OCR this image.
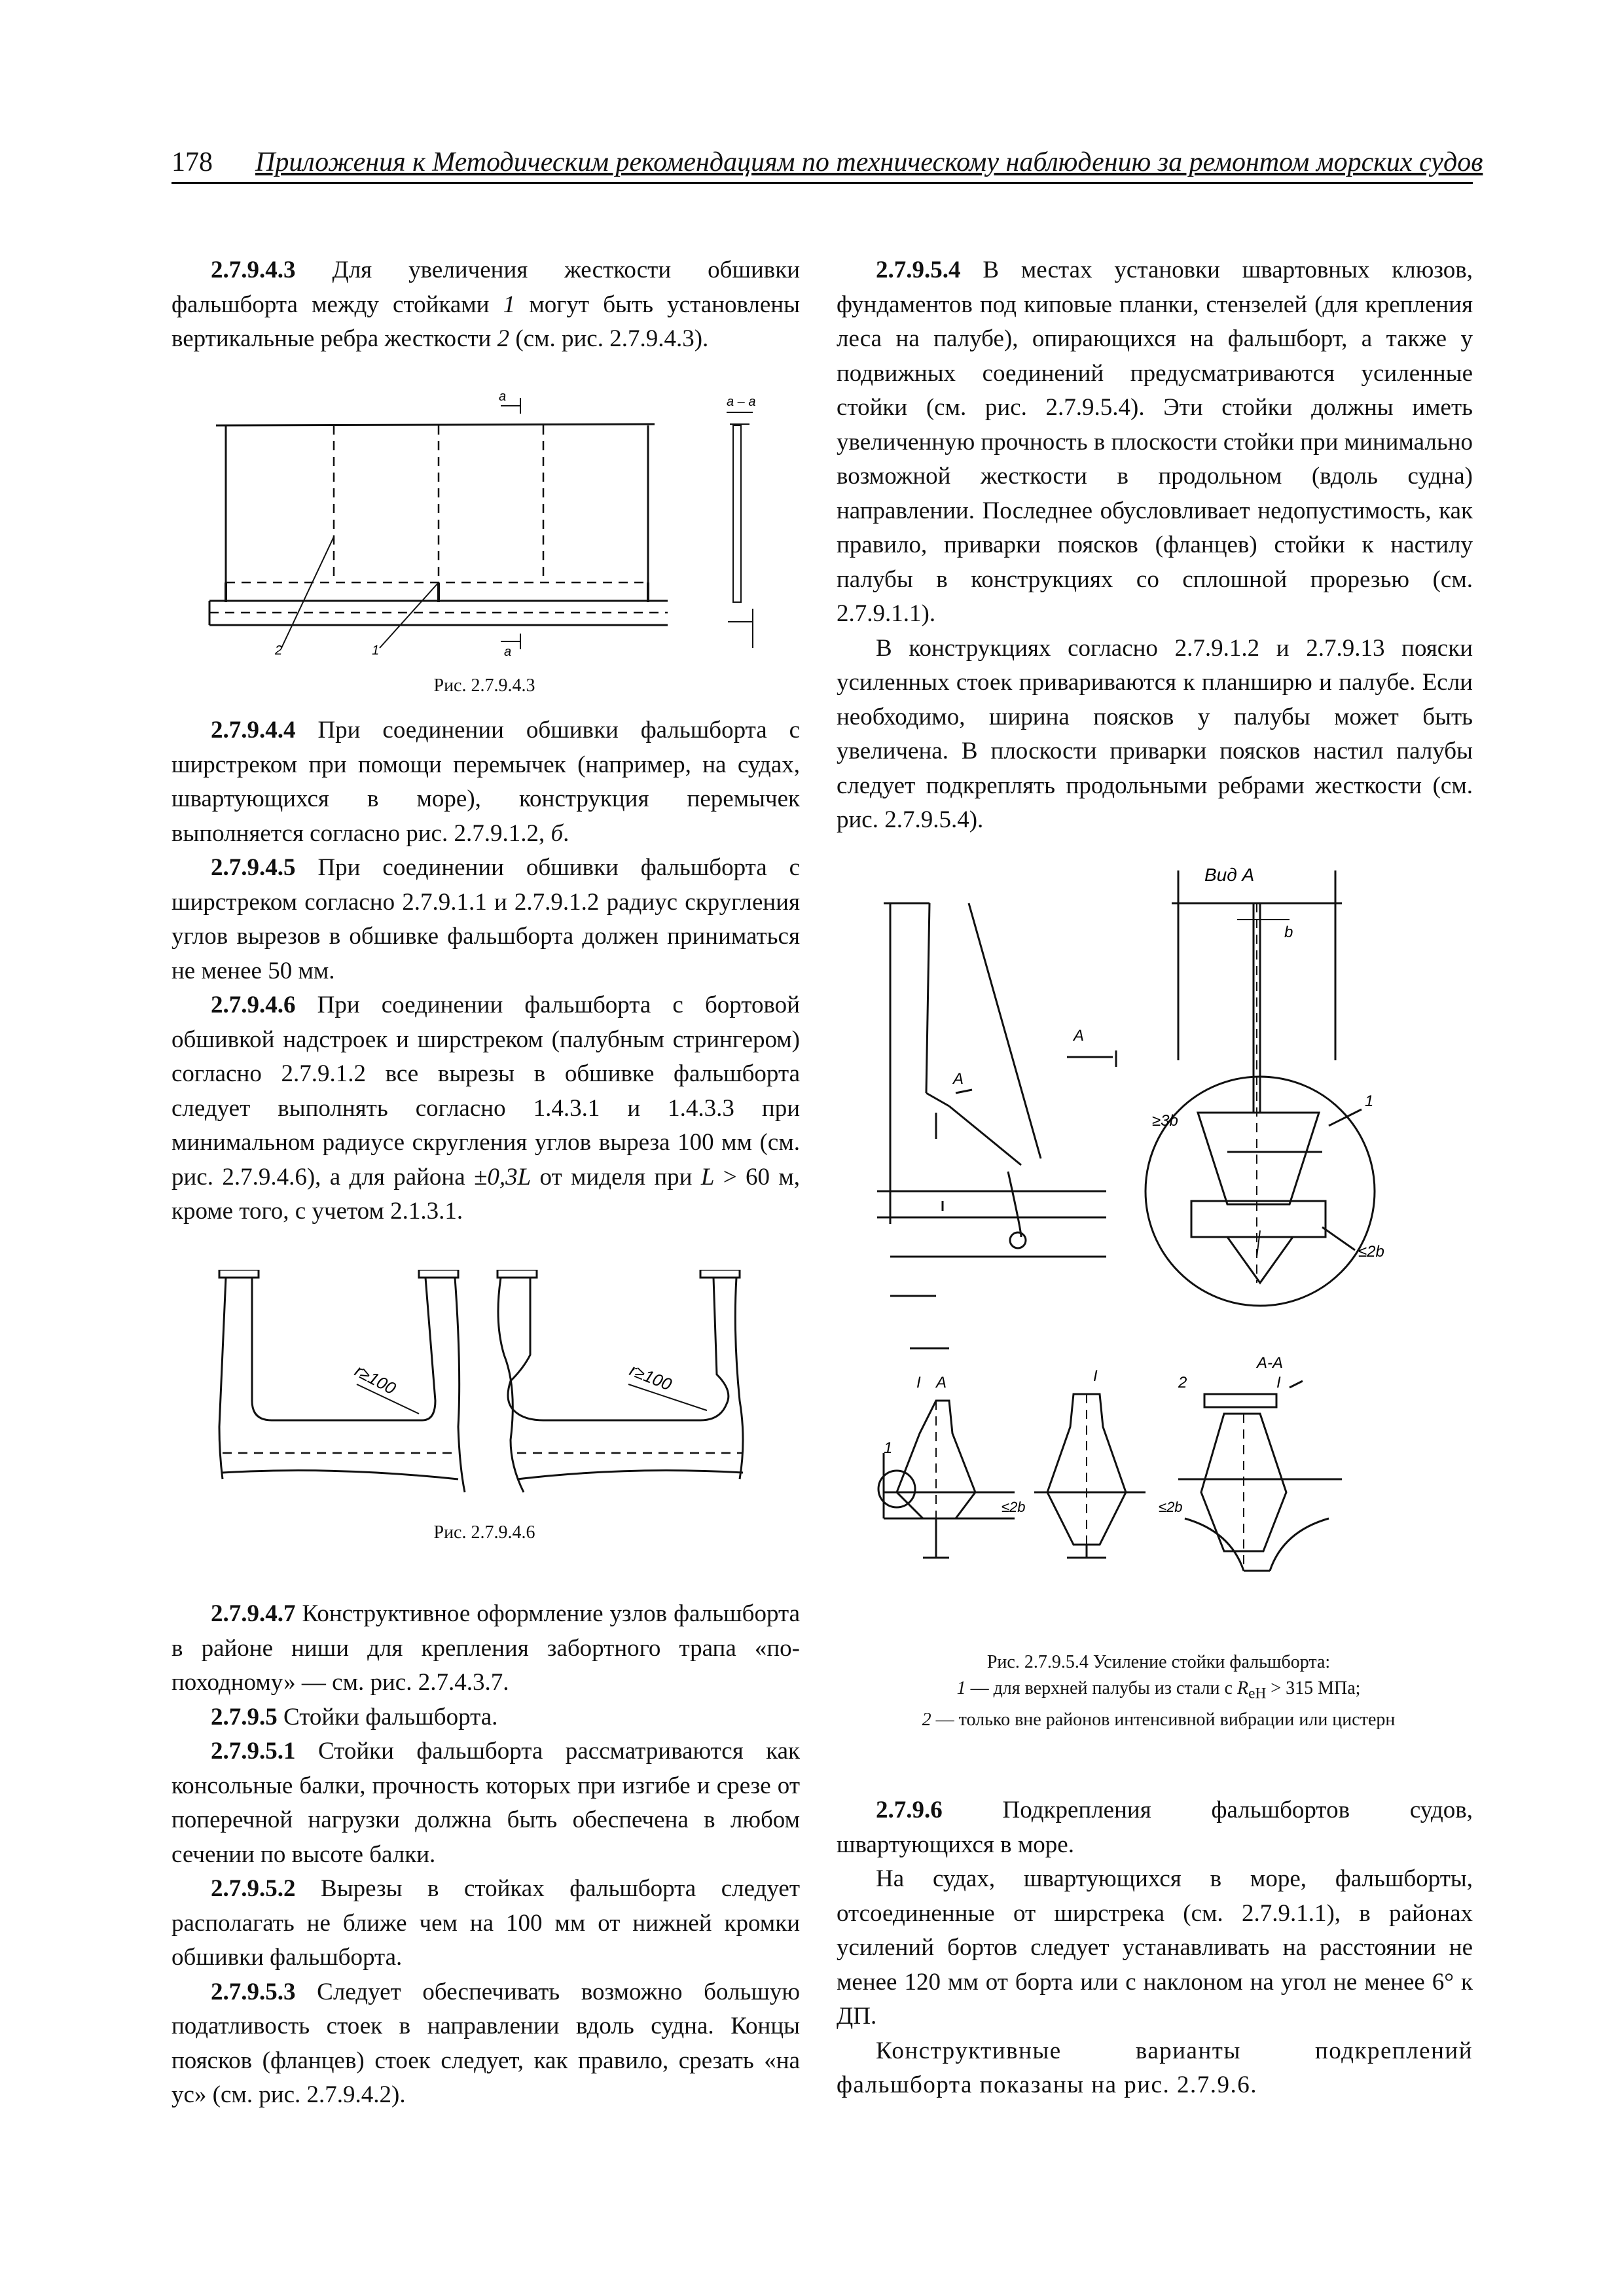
178 Приложения к Методическим рекомендациям по техническому наблюдению за ремонтом морских судов

2.7.9.4.3 Для увеличения жесткости обшивки фальшборта между стойками 1 могут быть установлены вертикальные ребра жесткости 2 (см. рис. 2.7.9.4.3).

a
a
a – a
2	1
Рис. 2.7.9.4.3

2.7.9.4.4 При соединении обшивки фальшборта с ширстреком при помощи перемычек (например, на судах, швартующихся в море), конструкция перемычек выполняется согласно рис. 2.7.9.1.2, б.

2.7.9.4.5 При соединении обшивки фальшборта с ширстреком согласно 2.7.9.1.1 и 2.7.9.1.2 радиус скругления углов вырезов в обшивке фальшборта должен приниматься не менее 50 мм.

2.7.9.4.6 При соединении фальшборта с бортовой обшивкой надстроек и ширстреком (палубным стрингером) согласно 2.7.9.1.2 все вырезы в обшивке фальшборта следует выполнять согласно 1.4.3.1 и 1.4.3.3 при минимальном радиусе скругления углов выреза 100 мм (см. рис. 2.7.9.4.6), а для района ±0,3L от миделя при L > 60 м, кроме того, с учетом 2.1.3.1.

r≥100	r≥100
Рис. 2.7.9.4.6

2.7.9.4.7 Конструктивное оформление узлов фальшборта в районе ниши для крепления забортного трапа «по-походному» — см. рис. 2.7.4.3.7.

2.7.9.5 Стойки фальшборта.

2.7.9.5.1 Стойки фальшборта рассматриваются как консольные балки, прочность которых при изгибе и срезе от поперечной нагрузки должна быть обеспечена в любом сечении по высоте балки.

2.7.9.5.2 Вырезы в стойках фальшборта следует располагать не ближе чем на 100 мм от нижней кромки обшивки фальшборта.

2.7.9.5.3 Следует обеспечивать возможно большую податливость стоек в направлении вдоль судна. Концы поясков (фланцев) стоек следует, как правило, срезать «на ус» (см. рис. 2.7.9.4.2).

2.7.9.5.4 В местах установки швартовных клюзов, фундаментов под киповые планки, стензелей (для крепления леса на палубе), опирающихся на фальшборт, а также у подвижных соединений предусматриваются усиленные стойки (см. рис. 2.7.9.5.4). Эти стойки должны иметь увеличенную прочность в плоскости стойки при минимально возможной жесткости в продольном (вдоль судна) направлении. Последнее обусловливает недопустимость, как правило, приварки поясков (фланцев) стойки к настилу палубы в конструкциях со сплошной прорезью (см. 2.7.9.1.1).

В конструкциях согласно 2.7.9.1.2 и 2.7.9.13 пояски усиленных стоек привариваются к планширю и палубе. Если необходимо, ширина поясков у палубы может быть увеличена. В плоскости приварки поясков настил палубы следует подкреплять продольными ребрами жесткости (см. рис. 2.7.9.5.4).

Вид А
A
A
b
≥3b
1
≤2b
I A	I	2
A-A
I
1
≤2b	≤2b
Рис. 2.7.9.5.4 Усиление стойки фальшборта:
1 — для верхней палубы из стали с $R_{eH} > 315$ МПа;
2 — только вне районов интенсивной вибрации или цистерн

2.7.9.6 Подкрепления фальшбортов судов, швартующихся в море.

На судах, швартующихся в море, фальшборты, отсоединенные от ширстрека (см. 2.7.9.1.1), в районах усилений бортов следует устанавливать на расстоянии не менее 120 мм от борта или с наклоном на угол не менее 6° к ДП.

Конструктивные варианты подкреплений фальшборта показаны на рис. 2.7.9.6.
